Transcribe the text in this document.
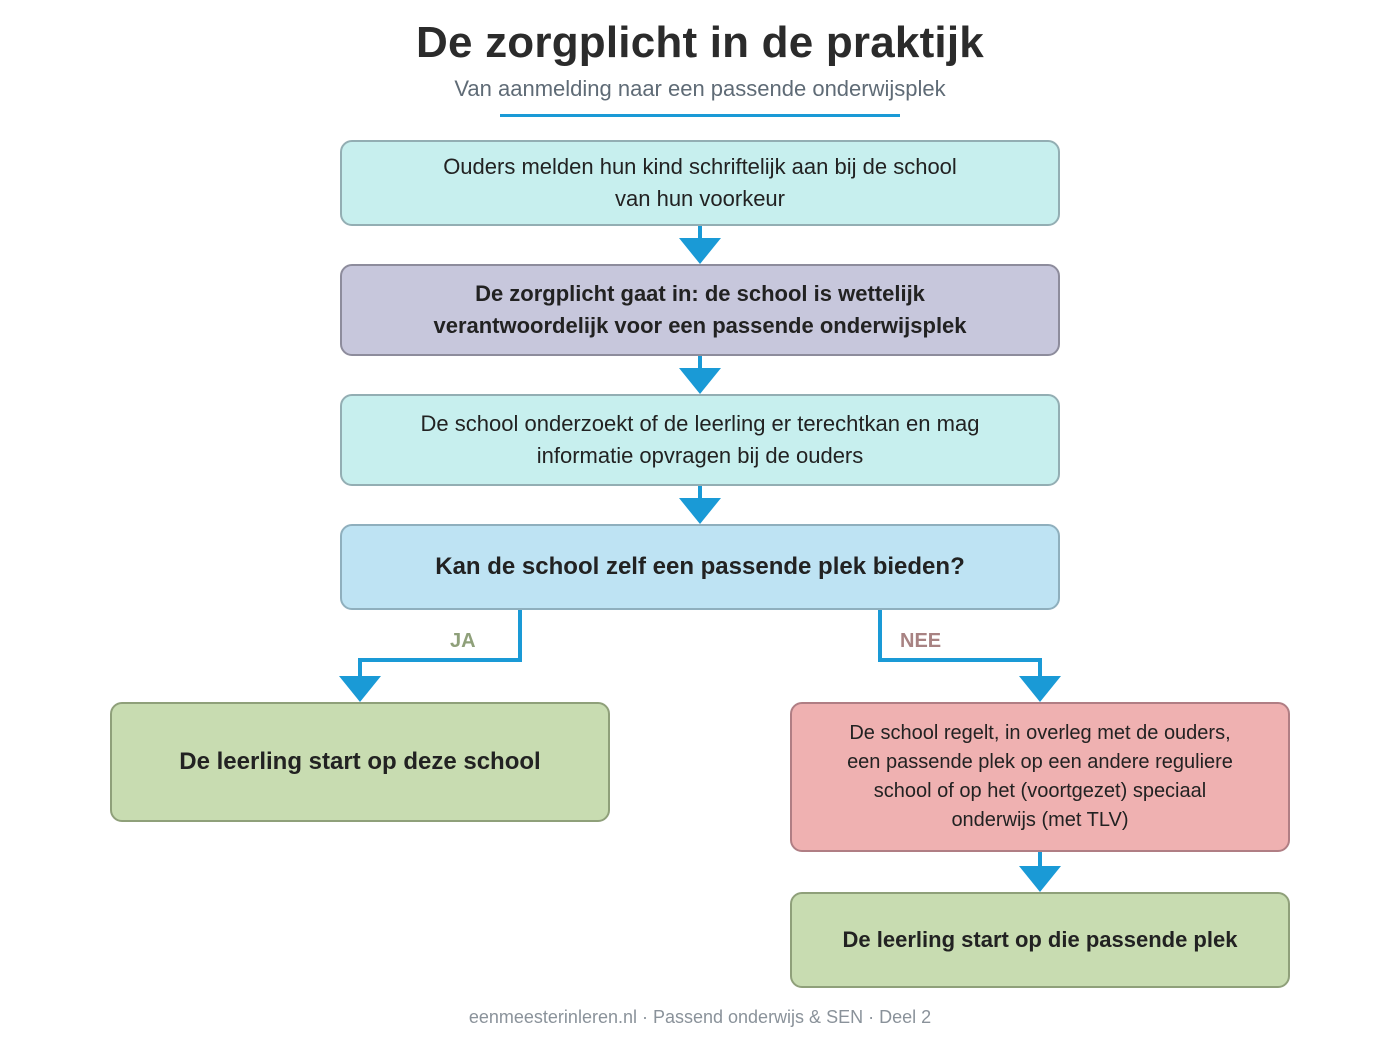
De zorgplicht in de praktijk
Van aanmelding naar een passende onderwijsplek
Ouders melden hun kind schriftelijk aan bij de school
van hun voorkeur
De zorgplicht gaat in: de school is wettelijk
verantwoordelijk voor een passende onderwijsplek
De school onderzoekt of de leerling er terechtkan en mag
informatie opvragen bij de ouders
Kan de school zelf een passende plek bieden?
JA	NEE
De leerling start op deze school
De school regelt, in overleg met de ouders,
een passende plek op een andere reguliere
school of op het (voortgezet) speciaal
onderwijs (met TLV)
De leerling start op die passende plek
eenmeesterinleren.nl · Passend onderwijs & SEN · Deel 2
